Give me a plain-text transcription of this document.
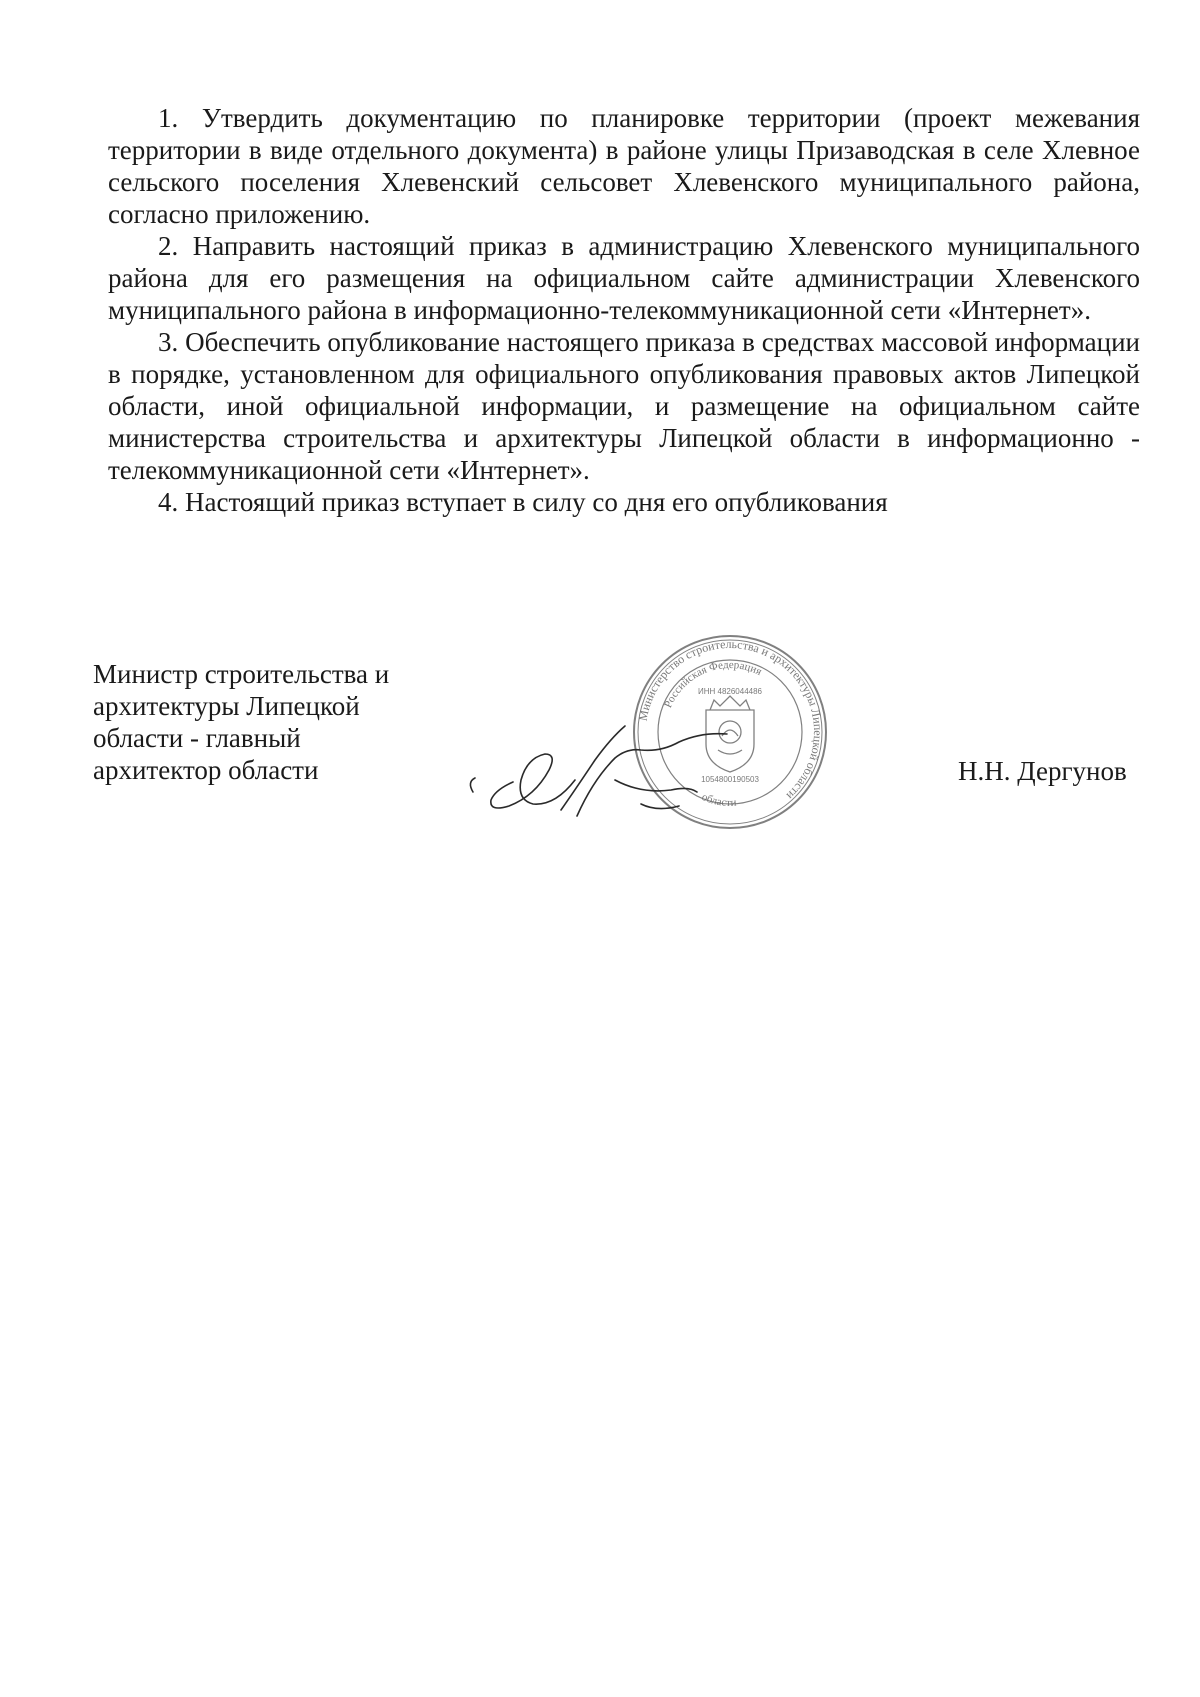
1. Утвердить документацию по планировке территории (проект межевания территории в виде отдельного документа) в районе улицы Призаводская в селе Хлевное сельского поселения Хлевенский сельсовет Хлевенского муниципального района, согласно приложению.

2. Направить настоящий приказ в администрацию Хлевенского муниципального района для его размещения на официальном сайте администрации Хлевенского муниципального района в информационно-телекоммуникационной сети «Интернет».

3. Обеспечить опубликование настоящего приказа в средствах массовой информации в порядке, установленном для официального опубликования правовых актов Липецкой области, иной официальной информации, и размещение на официальном сайте министерства строительства и архитектуры Липецкой области в информационно - телекоммуникационной сети «Интернет».

4. Настоящий приказ вступает в силу со дня его опубликования

Министр строительства и
архитектуры Липецкой
области - главный
архитектор области
Министерство строительства и архитектуры Липецкой области
Российская Федерация
ИНН 4826044486
1054800190503
области
Н.Н. Дергунов
